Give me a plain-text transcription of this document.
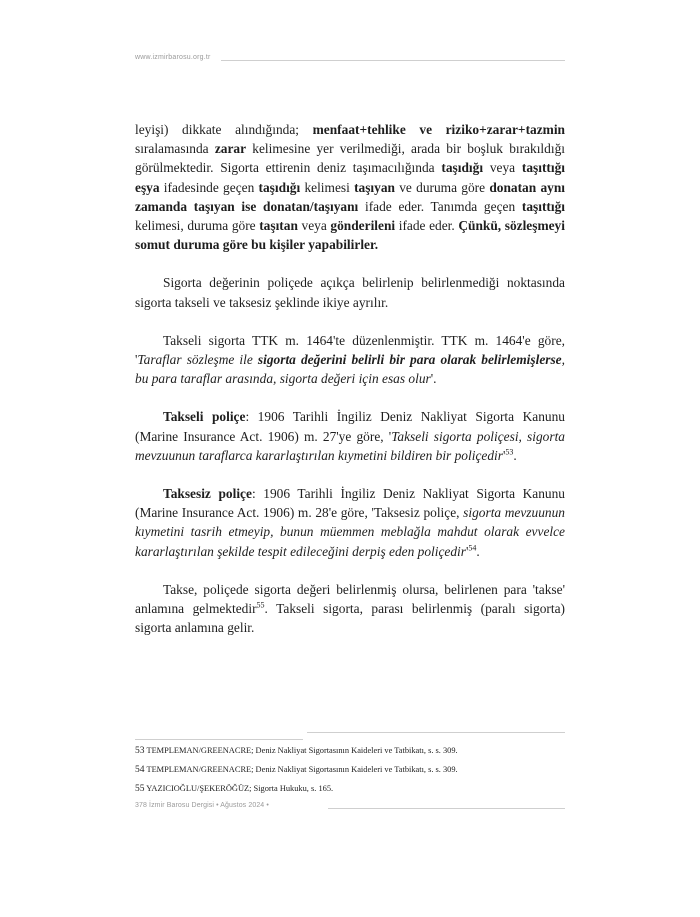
www.izmirbarosu.org.tr

leyişi) dikkate alındığında; menfaat+tehlike ve riziko+zarar+tazmin sıralamasında zarar kelimesine yer verilmediği, arada bir boşluk bırakıldığı görülmektedir. Sigorta ettirenin deniz taşımacılığında taşıdığı veya taşıttığı eşya ifadesinde geçen taşıdığı kelimesi taşıyan ve duruma göre donatan aynı zamanda taşıyan ise donatan/taşıyanı ifade eder. Tanımda geçen taşıttığı kelimesi, duruma göre taşıtan veya gönderileni ifade eder. Çünkü, sözleşmeyi somut duruma göre bu kişiler yapabilirler.

Sigorta değerinin poliçede açıkça belirlenip belirlenmediği noktasında sigorta takseli ve taksesiz şeklinde ikiye ayrılır.

Takseli sigorta TTK m. 1464'te düzenlenmiştir. TTK m. 1464'e göre, 'Taraflar sözleşme ile sigorta değerini belirli bir para olarak belirlemişlerse, bu para taraflar arasında, sigorta değeri için esas olur'.

Takseli poliçe: 1906 Tarihli İngiliz Deniz Nakliyat Sigorta Kanunu (Marine Insurance Act. 1906) m. 27'ye göre, 'Takseli sigorta poliçesi, sigorta mevzuunun taraflarca kararlaştırılan kıymetini bildiren bir $poliçedir'^{53}$.

Taksesiz poliçe: 1906 Tarihli İngiliz Deniz Nakliyat Sigorta Kanunu (Marine Insurance Act. 1906) m. 28'e göre, 'Taksesiz poliçe, sigorta mevzuunun kıymetini tasrih etmeyip, bunun müemmen meblağla mahdut olarak evvelce kararlaştırılan şekilde tespit edileceğini derpiş eden $poliçedir'^{54}$.

Takse, poliçede sigorta değeri belirlenmiş olursa, belirlenen para 'takse' anlamına gelmektedir$^{55}$. Takseli sigorta, parası belirlenmiş (paralı sigorta) sigorta anlamına gelir.

53 TEMPLEMAN/GREENACRE; Deniz Nakliyat Sigortasının Kaideleri ve Tatbikatı, s. s. 309.
54 TEMPLEMAN/GREENACRE; Deniz Nakliyat Sigortasının Kaideleri ve Tatbikatı, s. s. 309.
55 YAZICIOĞLU/ŞEKERÖĞÜZ; Sigorta Hukuku, s. 165.
378 İzmir Barosu Dergisi • Ağustos 2024 •
